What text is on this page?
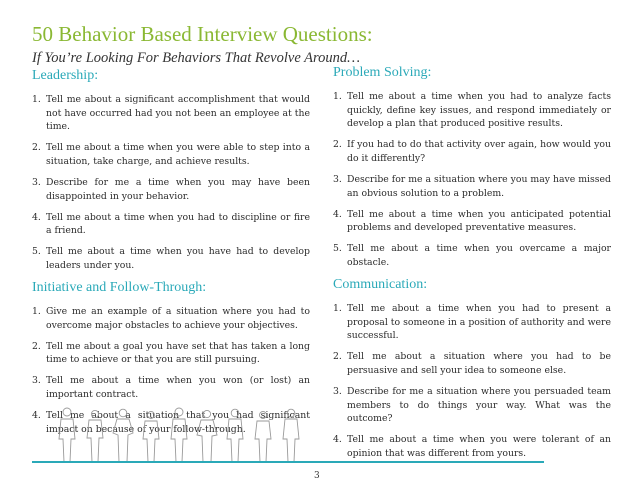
50 Behavior Based Interview Questions:
If You’re Looking For Behaviors That Revolve Around…
Leadership:
1. Tell me about a significant accomplishment that would not have occurred had you not been an employee at the time.
2. Tell me about a time when you were able to step into a situation, take charge, and achieve results.
3. Describe for me a time when you may have been disappointed in your behavior.
4. Tell me about a time when you had to discipline or fire a friend.
5. Tell me about a time when you have had to develop leaders under you.
Initiative and Follow-Through:
1. Give me an example of a situation where you had to overcome major obstacles to achieve your objectives.
2. Tell me about a goal you have set that has taken a long time to achieve or that you are still pursuing.
3. Tell me about a time when you won (or lost) an important contract.
4. Tell me about a situation that you had significant impact on because of your follow-through.
Problem Solving:
1. Tell me about a time when you had to analyze facts quickly, define key issues, and respond immediately or develop a plan that produced positive results.
2. If you had to do that activity over again, how would you do it differently?
3. Describe for me a situation where you may have missed an obvious solution to a problem.
4. Tell me about a time when you anticipated potential problems and developed preventative measures.
5. Tell me about a time when you overcame a major obstacle.
Communication:
1. Tell me about a time when you had to present a proposal to someone in a position of authority and were successful.
2. Tell me about a situation where you had to be persuasive and sell your idea to someone else.
3. Describe for me a situation where you persuaded team members to do things your way. What was the outcome?
4. Tell me about a time when you were tolerant of an opinion that was different from yours.
3
